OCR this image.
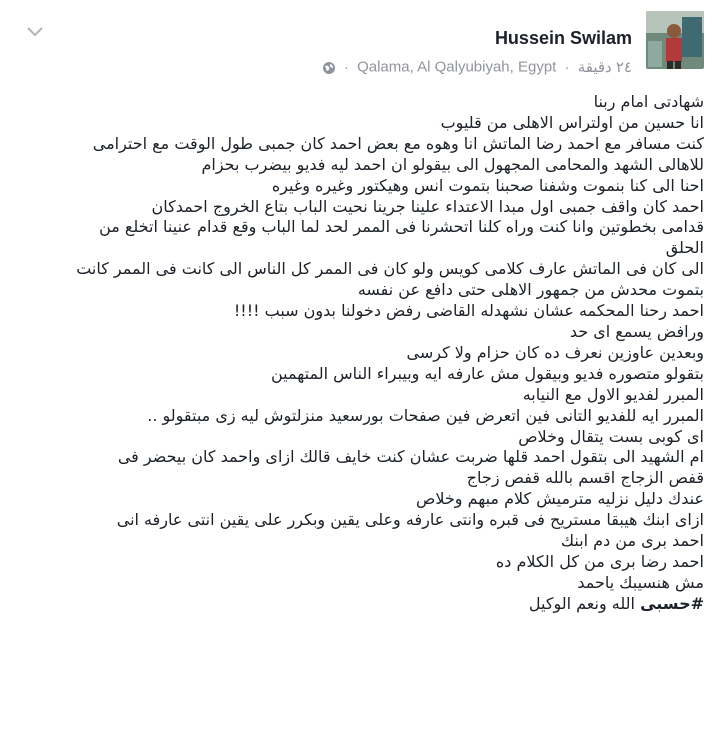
Hussein Swilam
· Qalama, Al Qalyubiyah, Egypt · ٢٤ دقيقة
شهادتى امام ربنا
انا حسين من اولتراس الاهلى من قليوب
كنت مسافر مع احمد رضا الماتش انا وهوه مع بعض احمد كان جمبى طول الوقت مع احترامى
للاهالى الشهد والمحامى المجهول الى بيقولو ان احمد ليه فديو بيضرب بحزام
احنا الى كنا بنموت وشفنا صحبنا بتموت انس وهيكتور وغيره وغيره
احمد كان واقف جمبى اول مبدا الاعتداء علينا جرينا نحيت الباب بتاع الخروج احمدكان
قدامى بخطوتين وانا كنت وراه كلنا اتحشرنا فى الممر لحد لما الباب وقع قدام عنينا اتخلع من
الحلق
الى كان فى الماتش عارف كلامى كويس ولو كان فى الممر كل الناس الى كانت فى الممر كانت
بتموت محدش من جمهور الاهلى حتى دافع عن نفسه
احمد رحنا المحكمه عشان نشهدله القاضى رفض دخولنا بدون سبب !!!!
ورافض يسمع اى حد
وبعدين عاوزين نعرف ده كان حزام ولا كرسى
بتقولو متصوره فديو وبيقول مش عارفه ايه وبيبراء الناس المتهمين
المبرر لفديو الاول مع النيابه
المبرر ايه للفديو التانى فين اتعرض فين صفحات بورسعيد منزلتوش ليه زى مبتقولو ..
اى كوبى بست يتقال وخلاص
ام الشهيد الى بتقول احمد قلها ضربت عشان كنت خايف قالك ازاى واحمد كان بيحضر فى
قفص الزجاج اقسم بالله قفص زجاج
عندك دليل نزليه مترميش كلام مبهم وخلاص
ازاى ابنك هيبقا مستريح فى قبره وانتى عارفه وعلى يقين وبكرر على يقين انتى عارفه انى
احمد برى من دم ابنك
احمد رضا برى من كل الكلام ده
مش هنسيبك ياحمد
#حسبى الله ونعم الوكيل
